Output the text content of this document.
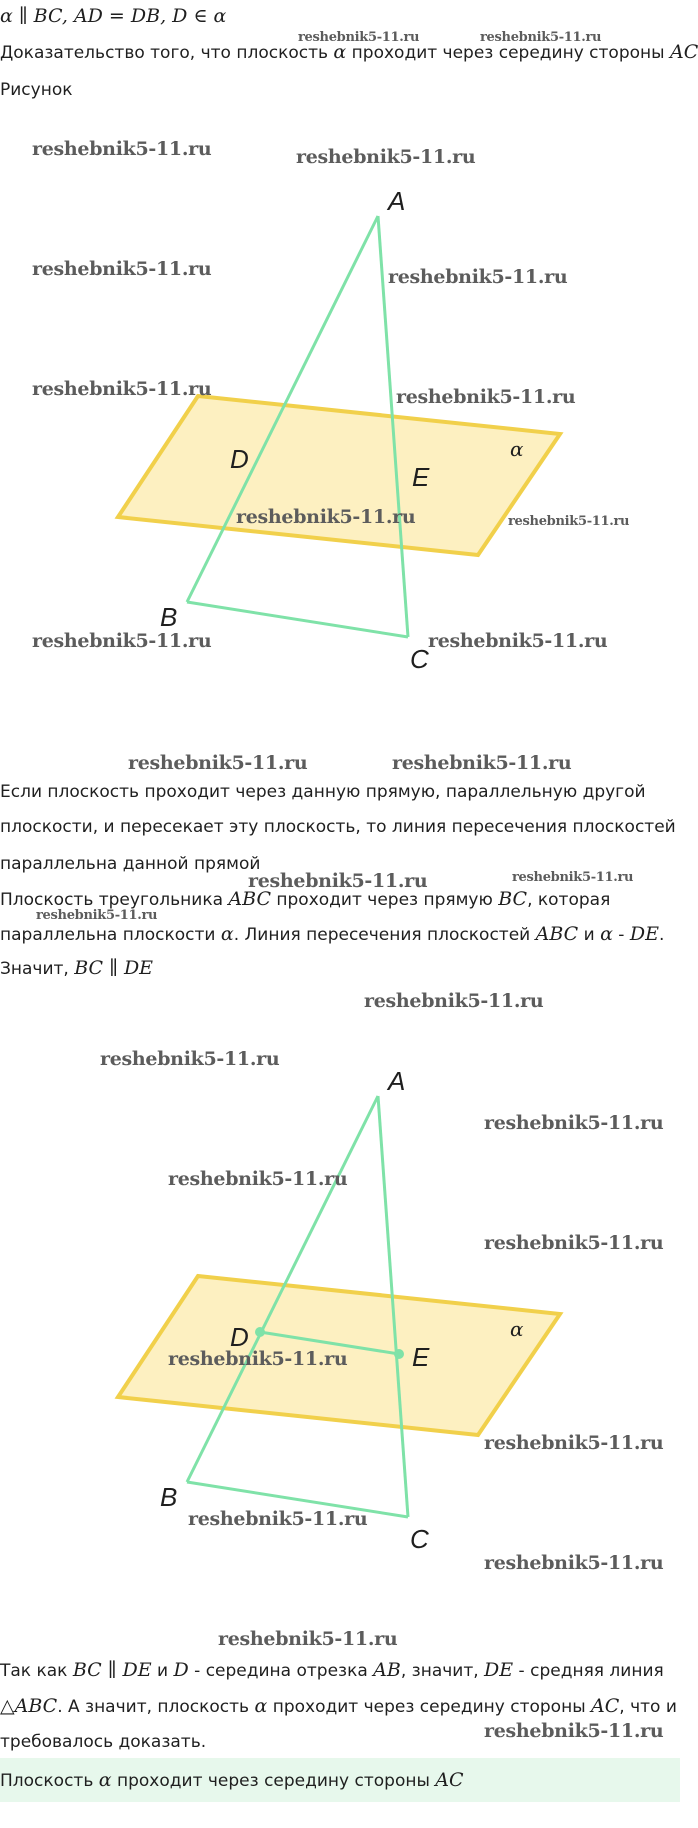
α ∥ BC, AD = DB, D ∈ α
Доказательство того, что плоскость α проходит через середину стороны AC
Рисунок
A
B
C
D
E
α
Если плоскость проходит через данную прямую, параллельную другой
плоскости, и пересекает эту плоскость, то линия пересечения плоскостей
параллельна данной прямой
Плоскость треугольника ABC проходит через прямую BC, которая
параллельна плоскости α. Линия пересечения плоскостей ABC и α - DE.
Значит, BC ∥ DE
A
B
C
D
E
α
Так как BC ∥ DE и D - середина отрезка AB, значит, DE - средняя линия
△ABC. А значит, плоскость α проходит через середину стороны AC, что и
требовалось доказать.
Плоскость α проходит через середину стороны AC
reshebnik5-11.ru	reshebnik5-11.ru
reshebnik5-11.ru	reshebnik5-11.ru
reshebnik5-11.ru	reshebnik5-11.ru
reshebnik5-11.ru	reshebnik5-11.ru
reshebnik5-11.ru	reshebnik5-11.ru
reshebnik5-11.ru	reshebnik5-11.ru
reshebnik5-11.ru	reshebnik5-11.ru
reshebnik5-11.ru	reshebnik5-11.ru
reshebnik5-11.ru
reshebnik5-11.ru
reshebnik5-11.ru
reshebnik5-11.ru
reshebnik5-11.ru
reshebnik5-11.ru
reshebnik5-11.ru
reshebnik5-11.ru
reshebnik5-11.ru
reshebnik5-11.ru
reshebnik5-11.ru
reshebnik5-11.ru
